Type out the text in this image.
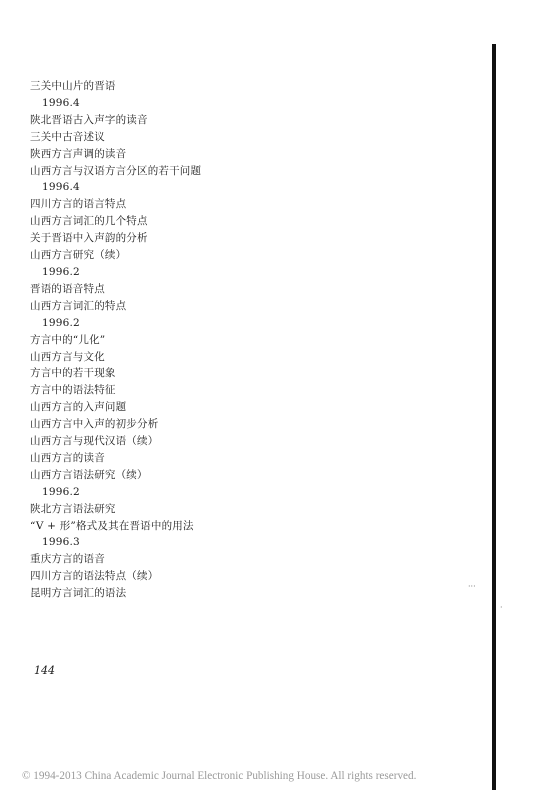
三关中山片的晋语
1996.4
陕北晋语古入声字的读音
三关中古音述议
陕西方言声调的读音
山西方言与汉语方言分区的若干问题
1996.4
四川方言的语言特点
山西方言词汇的几个特点
关于晋语中入声韵的分析
山西方言研究（续）
1996.2
晋语的语音特点
山西方言词汇的特点
1996.2
方言中的“儿化”
山西方言与文化
方言中的若干现象
方言中的语法特征
山西方言的入声问题
山西方言中入声的初步分析
山西方言与现代汉语（续）
山西方言的读音
山西方言语法研究（续）
1996.2
陕北方言语法研究
“V + 形”格式及其在晋语中的用法
1996.3
重庆方言的语音
四川方言的语法特点（续）
昆明方言词汇的语法
144
···
·
© 1994-2013 China Academic Journal Electronic Publishing House. All rights reserved.
